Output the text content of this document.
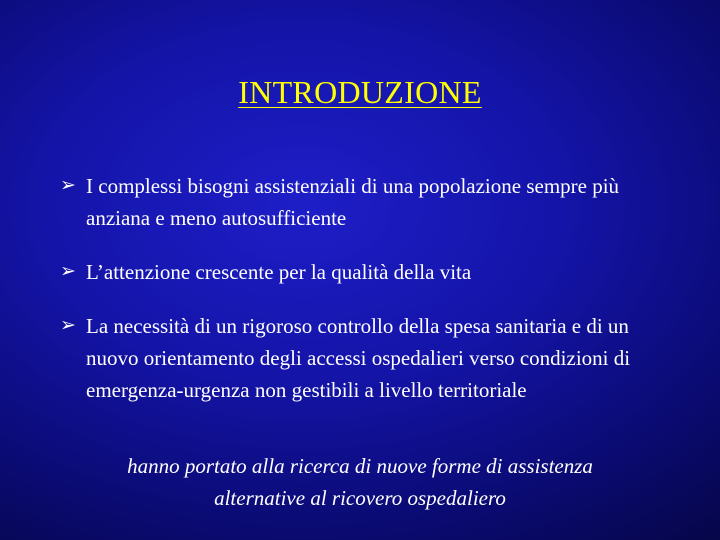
INTRODUZIONE
➢ I complessi bisogni assistenziali di una popolazione sempre più anziana e meno autosufficiente
➢ L’attenzione crescente per la qualità della vita
➢ La necessità di un rigoroso controllo della spesa sanitaria e di un nuovo orientamento degli accessi ospedalieri verso condizioni di emergenza-urgenza non gestibili a livello territoriale
hanno portato alla ricerca di nuove forme di assistenza
alternative al ricovero ospedaliero
